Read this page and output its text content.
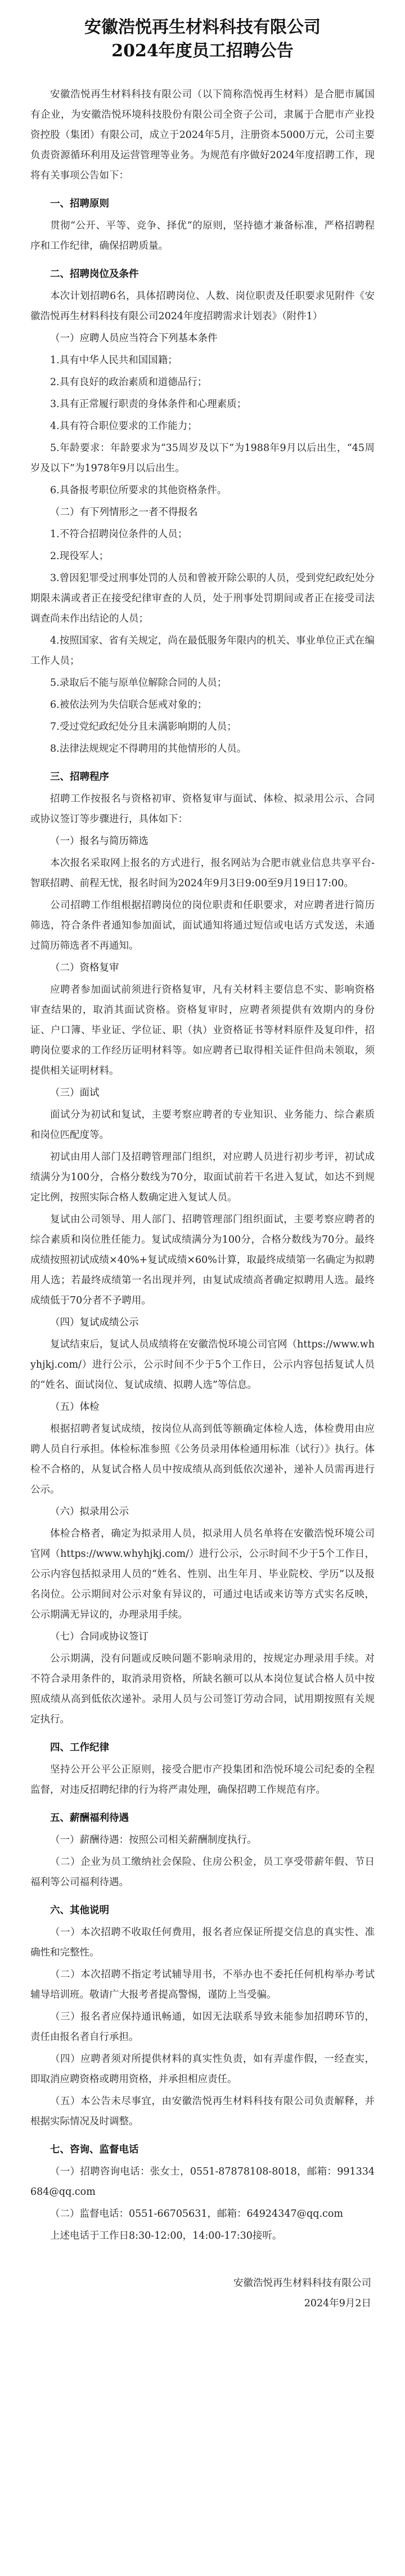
安徽浩悦再生材料科技有限公司
2024年度员工招聘公告

安徽浩悦再生材料科技有限公司（以下简称浩悦再生材料）是合肥市属国有企业，为安徽浩悦环境科技股份有限公司全资子公司，隶属于合肥市产业投资控股（集团）有限公司，成立于2024年5月，注册资本5000万元，公司主要负责资源循环利用及运营管理等业务。为规范有序做好2024年度招聘工作，现将有关事项公告如下：

一、招聘原则

贯彻“公开、平等、竞争、择优”的原则，坚持德才兼备标准，严格招聘程序和工作纪律，确保招聘质量。

二、招聘岗位及条件

本次计划招聘6名，具体招聘岗位、人数、岗位职责及任职要求见附件《安徽浩悦再生材料科技有限公司2024年度招聘需求计划表》（附件1）

（一）应聘人员应当符合下列基本条件

1.具有中华人民共和国国籍；

2.具有良好的政治素质和道德品行；

3.具有正常履行职责的身体条件和心理素质；

4.具有符合职位要求的工作能力；

5.年龄要求：年龄要求为“35周岁及以下”为1988年9月以后出生，“45周岁及以下”为1978年9月以后出生。

6.具备报考职位所要求的其他资格条件。

（二）有下列情形之一者不得报名

1.不符合招聘岗位条件的人员；

2.现役军人；

3.曾因犯罪受过刑事处罚的人员和曾被开除公职的人员，受到党纪政纪处分期限未满或者正在接受纪律审查的人员，处于刑事处罚期间或者正在接受司法调查尚未作出结论的人员；

4.按照国家、省有关规定，尚在最低服务年限内的机关、事业单位正式在编工作人员；

5.录取后不能与原单位解除合同的人员；

6.被依法列为失信联合惩戒对象的；

7.受过党纪政纪处分且未满影响期的人员；

8.法律法规规定不得聘用的其他情形的人员。

三、招聘程序

招聘工作按报名与资格初审、资格复审与面试、体检、拟录用公示、合同或协议签订等步骤进行，具体如下：

（一）报名与简历筛选

本次报名采取网上报名的方式进行，报名网站为合肥市就业信息共享平台-智联招聘、前程无忧，报名时间为2024年9月3日9:00至9月19日17:00。

公司招聘工作组根据招聘岗位的岗位职责和任职要求，对应聘者进行简历筛选，符合条件者通知参加面试，面试通知将通过短信或电话方式发送，未通过简历筛选者不再通知。

（二）资格复审

应聘者参加面试前须进行资格复审，凡有关材料主要信息不实、影响资格审查结果的，取消其面试资格。资格复审时，应聘者须提供有效期内的身份证、户口簿、毕业证、学位证、职（执）业资格证书等材料原件及复印件，招聘岗位要求的工作经历证明材料等。如应聘者已取得相关证件但尚未领取，须提供相关证明材料。

（三）面试

面试分为初试和复试，主要考察应聘者的专业知识、业务能力、综合素质和岗位匹配度等。

初试由用人部门及招聘管理部门组织，对应聘人员进行初步考评，初试成绩满分为100分，合格分数线为70分，取面试前若干名进入复试，如达不到规定比例，按照实际合格人数确定进入复试人员。

复试由公司领导、用人部门、招聘管理部门组织面试，主要考察应聘者的综合素质和岗位胜任能力。复试成绩满分为100分，合格分数线为70分。最终成绩按照初试成绩×40%+复试成绩×60%计算，取最终成绩第一名确定为拟聘用人选；若最终成绩第一名出现并列，由复试成绩高者确定拟聘用人选。最终成绩低于70分者不予聘用。

（四）复试成绩公示

复试结束后，复试人员成绩将在安徽浩悦环境公司官网（https://www.whyhjkj.com/）进行公示，公示时间不少于5个工作日，公示内容包括复试人员的“姓名、面试岗位、复试成绩、拟聘人选”等信息。

（五）体检

根据招聘者复试成绩，按岗位从高到低等额确定体检人选，体检费用由应聘人员自行承担。体检标准参照《公务员录用体检通用标准（试行）》执行。体检不合格的，从复试合格人员中按成绩从高到低依次递补，递补人员需再进行公示。

（六）拟录用公示

体检合格者，确定为拟录用人员，拟录用人员名单将在安徽浩悦环境公司官网（https://www.whyhjkj.com/）进行公示，公示时间不少于5个工作日，公示内容包括拟录用人员的“姓名、性别、出生年月、毕业院校、学历”以及报名岗位。公示期间对公示对象有异议的，可通过电话或来访等方式实名反映，公示期满无异议的，办理录用手续。

（七）合同或协议签订

公示期满，没有问题或反映问题不影响录用的，按规定办理录用手续。对不符合录用条件的，取消录用资格，所缺名额可以从本岗位复试合格人员中按照成绩从高到低依次递补。录用人员与公司签订劳动合同，试用期按照有关规定执行。

四、工作纪律

坚持公开公平公正原则，接受合肥市产投集团和浩悦环境公司纪委的全程监督，对违反招聘纪律的行为将严肃处理，确保招聘工作规范有序。

五、薪酬福利待遇

（一）薪酬待遇：按照公司相关薪酬制度执行。

（二）企业为员工缴纳社会保险、住房公积金，员工享受带薪年假、节日福利等公司福利待遇。

六、其他说明

（一）本次招聘不收取任何费用，报名者应保证所提交信息的真实性、准确性和完整性。

（二）本次招聘不指定考试辅导用书，不举办也不委托任何机构举办考试辅导培训班。敬请广大报考者提高警惕，谨防上当受骗。

（三）报名者应保持通讯畅通，如因无法联系导致未能参加招聘环节的，责任由报名者自行承担。

（四）应聘者须对所提供材料的真实性负责，如有弄虚作假，一经查实，即取消应聘资格或聘用资格，并承担相应责任。

（五）本公告未尽事宜，由安徽浩悦再生材料科技有限公司负责解释，并根据实际情况及时调整。

七、咨询、监督电话

（一）招聘咨询电话：张女士，0551-87878108-8018，邮箱：991334684@qq.com

（二）监督电话：0551-66705631，邮箱：64924347@qq.com

上述电话于工作日8:30-12:00，14:00-17:30接听。

安徽浩悦再生材料科技有限公司

2024年9月2日
